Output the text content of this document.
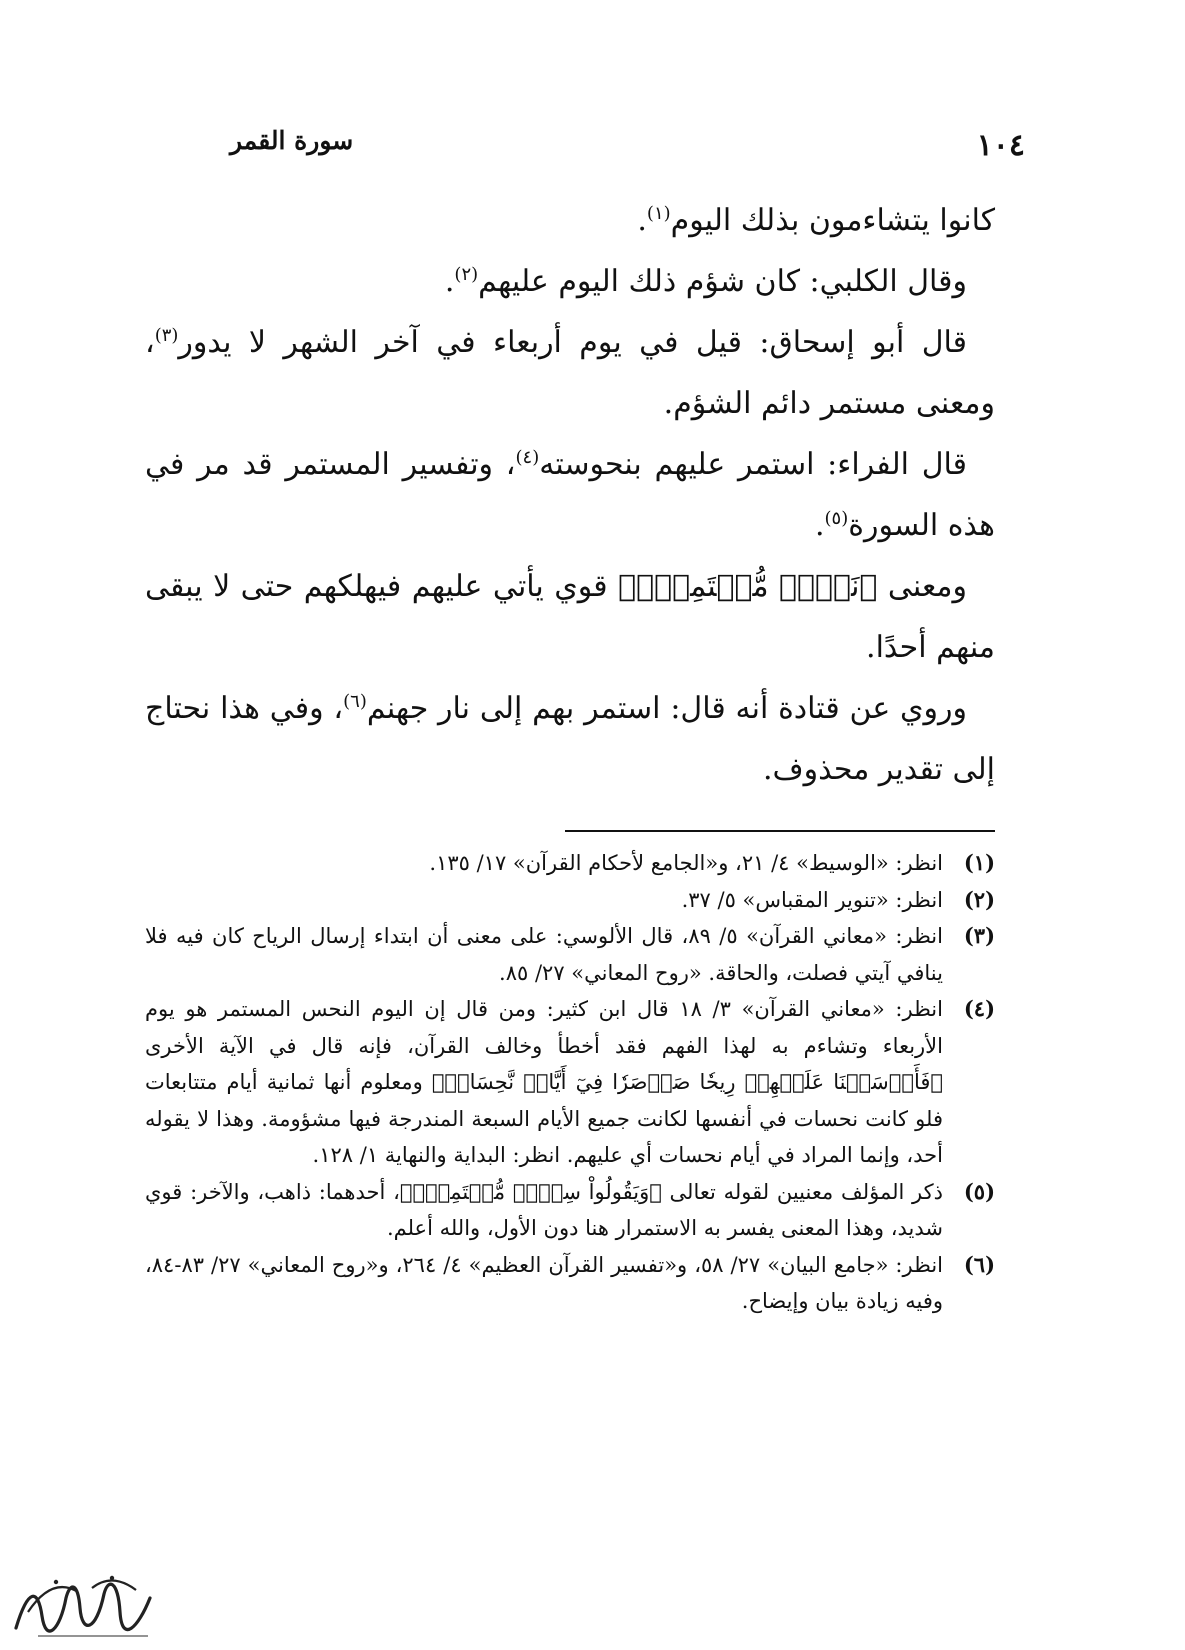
١٠٤
سورة القمر

كانوا يتشاءمون بذلك اليوم$^{(١)}$.

وقال الكلبي: كان شؤم ذلك اليوم عليهم$^{(٢)}$.

قال أبو إسحاق: قيل في يوم أربعاء في آخر الشهر لا يدور$^{(٣)}$، ومعنى مستمر دائم الشؤم.

قال الفراء: استمر عليهم بنحوسته$^{(٤)}$، وتفسير المستمر قد مر في هذه السورة$^{(٥)}$.

ومعنى ﴿نَحۡسٖ مُّسۡتَمِرّٖ﴾ قوي يأتي عليهم فيهلكهم حتى لا يبقى منهم أحدًا.

وروي عن قتادة أنه قال: استمر بهم إلى نار جهنم$^{(٦)}$، وفي هذا نحتاج إلى تقدير محذوف.

(١)
انظر: «الوسيط» ٤/ ٢١، و«الجامع لأحكام القرآن» ١٧/ ١٣٥.
(٢)
انظر: «تنوير المقباس» ٥/ ٣٧.
(٣)
انظر: «معاني القرآن» ٥/ ٨٩، قال الألوسي: على معنى أن ابتداء إرسال الرياح كان فيه فلا ينافي آيتي فصلت، والحاقة. «روح المعاني» ٢٧/ ٨٥.
(٤)
انظر: «معاني القرآن» ٣/ ١٨ قال ابن كثير: ومن قال إن اليوم النحس المستمر هو يوم الأربعاء وتشاءم به لهذا الفهم فقد أخطأ وخالف القرآن، فإنه قال في الآية الأخرى ﴿فَأَرۡسَلۡنَا عَلَيۡهِمۡ رِيحٗا صَرۡصَرٗا فِيٓ أَيَّامٖ نَّحِسَاتٖ﴾ ومعلوم أنها ثمانية أيام متتابعات فلو كانت نحسات في أنفسها لكانت جميع الأيام السبعة المندرجة فيها مشؤومة. وهذا لا يقوله أحد، وإنما المراد في أيام نحسات أي عليهم. انظر: البداية والنهاية ١/ ١٢٨.
(٥)
ذكر المؤلف معنيين لقوله تعالى ﴿وَيَقُولُواْ سِحۡرٞ مُّسۡتَمِرّٞ﴾، أحدهما: ذاهب، والآخر: قوي شديد، وهذا المعنى يفسر به الاستمرار هنا دون الأول، والله أعلم.
(٦)
انظر: «جامع البيان» ٢٧/ ٥٨، و«تفسير القرآن العظيم» ٤/ ٢٦٤، و«روح المعاني» ٢٧/ ٨٣-٨٤، وفيه زيادة بيان وإيضاح.
